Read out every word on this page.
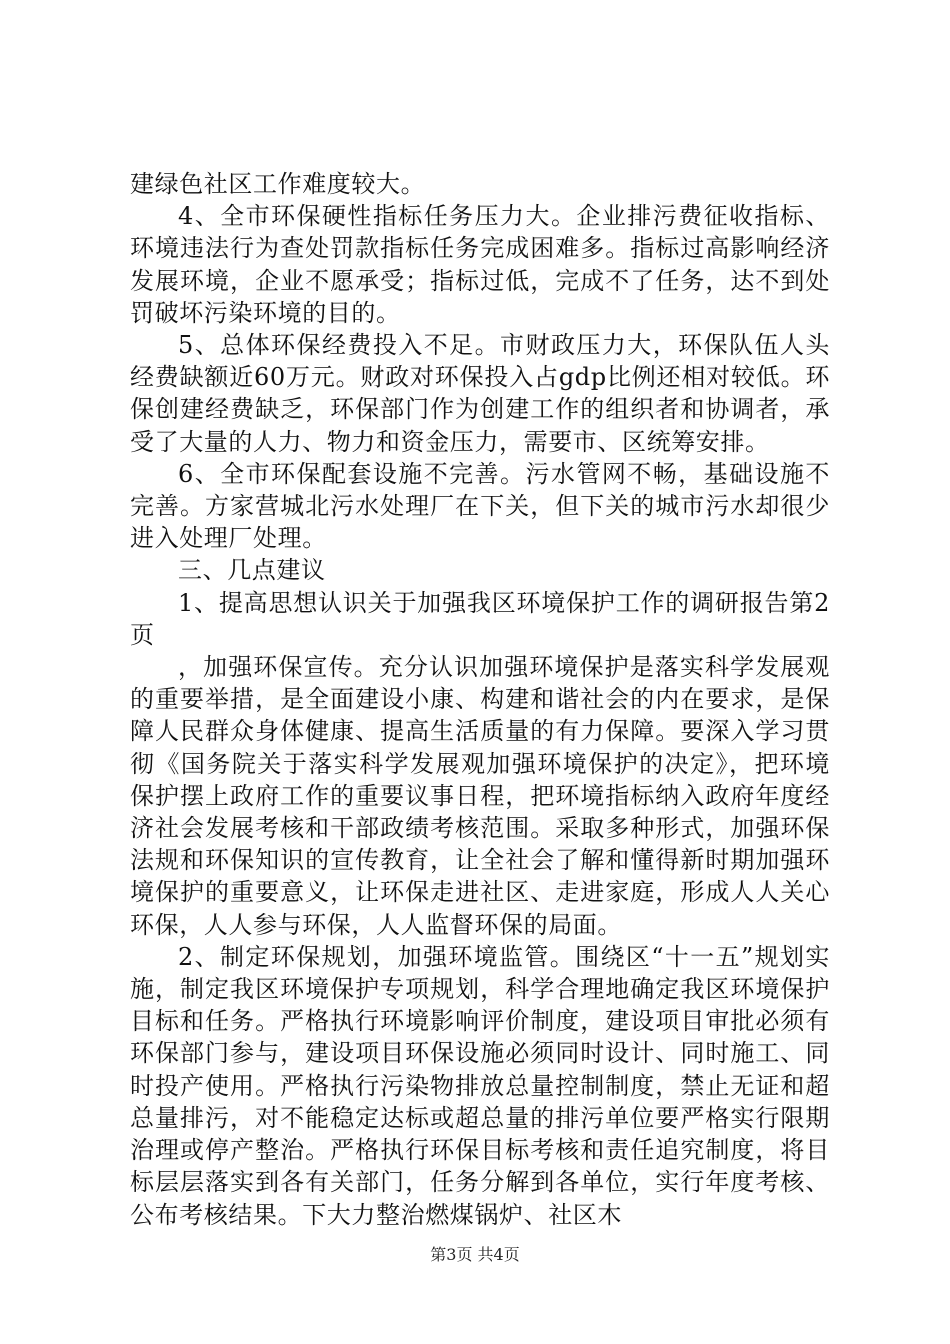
建绿色社区工作难度较大。

4、全市环保硬性指标任务压力大。企业排污费征收指标、环境违法行为查处罚款指标任务完成困难多。指标过高影响经济发展环境，企业不愿承受；指标过低，完成不了任务，达不到处罚破坏污染环境的目的。

5、总体环保经费投入不足。市财政压力大，环保队伍人头经费缺额近60万元。财政对环保投入占gdp比例还相对较低。环保创建经费缺乏，环保部门作为创建工作的组织者和协调者，承受了大量的人力、物力和资金压力，需要市、区统筹安排。

6、全市环保配套设施不完善。污水管网不畅，基础设施不完善。方家营城北污水处理厂在下关，但下关的城市污水却很少进入处理厂处理。

三、几点建议

1、提高思想认识关于加强我区环境保护工作的调研报告第2页

，加强环保宣传。充分认识加强环境保护是落实科学发展观的重要举措，是全面建设小康、构建和谐社会的内在要求，是保障人民群众身体健康、提高生活质量的有力保障。要深入学习贯彻《国务院关于落实科学发展观加强环境保护的决定》，把环境保护摆上政府工作的重要议事日程，把环境指标纳入政府年度经济社会发展考核和干部政绩考核范围。采取多种形式，加强环保法规和环保知识的宣传教育，让全社会了解和懂得新时期加强环境保护的重要意义，让环保走进社区、走进家庭，形成人人关心环保，人人参与环保，人人监督环保的局面。

2、制定环保规划，加强环境监管。围绕区“十一五”规划实施，制定我区环境保护专项规划，科学合理地确定我区环境保护目标和任务。严格执行环境影响评价制度，建设项目审批必须有环保部门参与，建设项目环保设施必须同时设计、同时施工、同时投产使用。严格执行污染物排放总量控制制度，禁止无证和超总量排污，对不能稳定达标或超总量的排污单位要严格实行限期治理或停产整治。严格执行环保目标考核和责任追究制度，将目标层层落实到各有关部门，任务分解到各单位，实行年度考核、公布考核结果。下大力整治燃煤锅炉、社区木

第3页 共4页
